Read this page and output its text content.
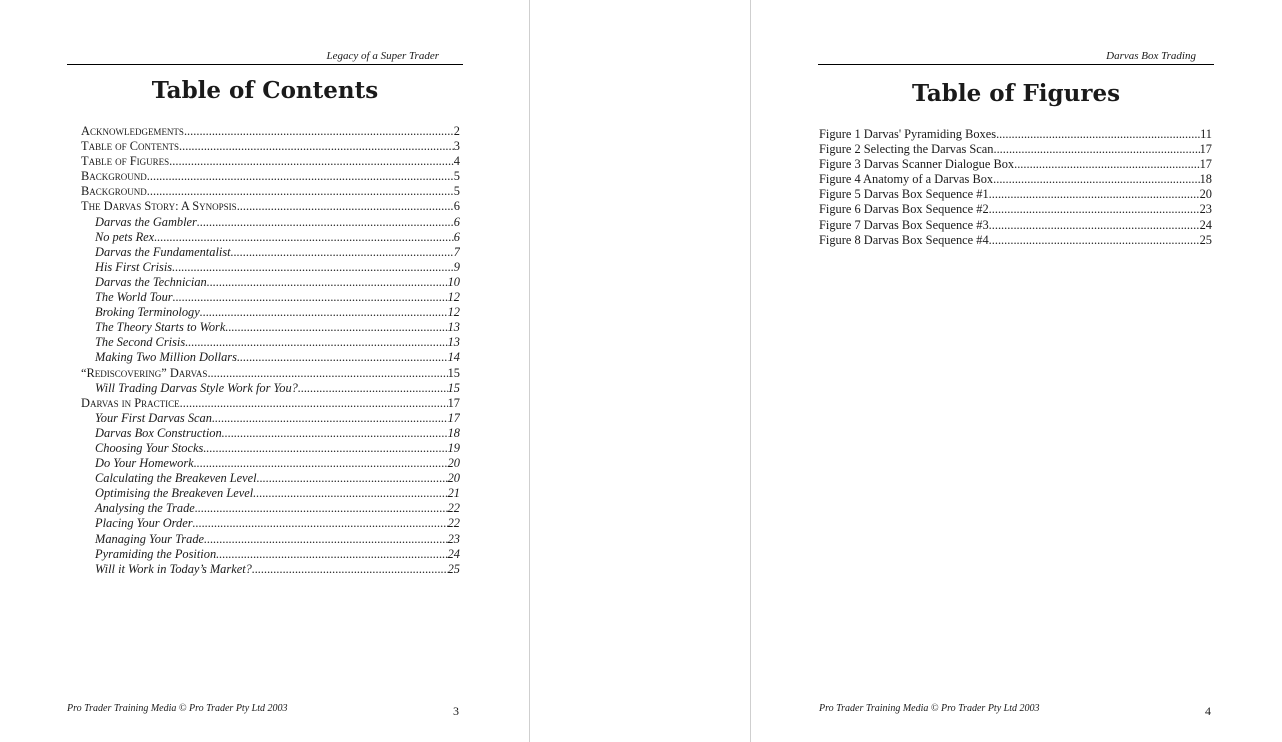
Legacy of a Super Trader
Table of Contents
Acknowledgements .....	2
Table of Contents .....	3
Table of Figures .....	4
Background .....	5
Background .....	5
The Darvas Story: A Synopsis .....	6
Darvas the Gambler .....	6
No pets Rex .....	6
Darvas the Fundamentalist .....	7
His First Crisis .....	9
Darvas the Technician .....	10
The World Tour .....	12
Broking Terminology .....	12
The Theory Starts to Work .....	13
The Second Crisis .....	13
Making Two Million Dollars .....	14
“Rediscovering” Darvas .....	15
Will Trading Darvas Style Work for You? .....	15
Darvas in Practice .....	17
Your First Darvas Scan .....	17
Darvas Box Construction .....	18
Choosing Your Stocks .....	19
Do Your Homework .....	20
Calculating the Breakeven Level .....	20
Optimising the Breakeven Level .....	21
Analysing the Trade .....	22
Placing Your Order .....	22
Managing Your Trade .....	23
Pyramiding the Position .....	24
Will it Work in Today’s Market? .....	25
Pro Trader Training Media © Pro Trader Pty Ltd 2003	3
Darvas Box Trading
Table of Figures
Figure 1 Darvas' Pyramiding Boxes .....	11
Figure 2 Selecting the Darvas Scan .....	17
Figure 3 Darvas Scanner Dialogue Box .....	17
Figure 4 Anatomy of a Darvas Box .....	18
Figure 5 Darvas Box Sequence #1 .....	20
Figure 6 Darvas Box Sequence #2 .....	23
Figure 7 Darvas Box Sequence #3 .....	24
Figure 8 Darvas Box Sequence #4 .....	25
Pro Trader Training Media © Pro Trader Pty Ltd 2003	4
